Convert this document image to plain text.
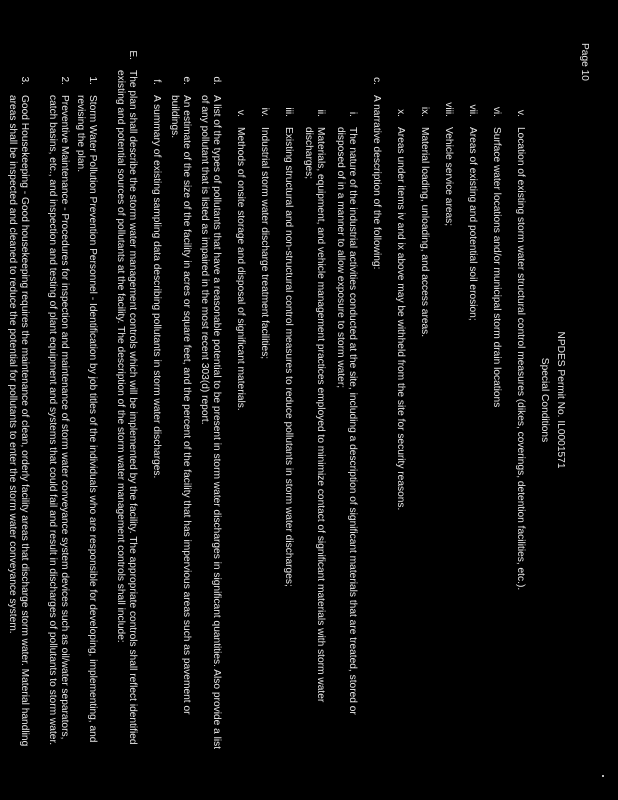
Page 10
NPDES Permit No. IL0001571
Special Conditions
v.
Location of existing storm water structural control measures (dikes, coverings, detention facilities, etc.).
vi.
Surface water locations and/or municipal storm drain locations
vii.
Areas of existing and potential soil erosion;
viii.
Vehicle service areas;
ix.
Material loading, unloading, and access areas.
x.
Areas under items iv and ix above may be withheld from the site for security reasons.
c.
A narrative description of the following:
i.
The nature of the industrial activities conducted at the site, including a description of significant materials that are treated, stored or disposed of in a manner to allow exposure to storm water;
ii.
Materials, equipment, and vehicle management practices employed to minimize contact of significant materials with storm water discharges;
iii.
Existing structural and non-structural control measures to reduce pollutants in storm water discharges;
iv.
Industrial storm water discharge treatment facilities;
v.
Methods of onsite storage and disposal of significant materials.
d.
A list of the types of pollutants that have a reasonable potential to be present in storm water discharges in significant quantities. Also provide a list of any pollutant that is listed as impaired in the most recent 303(d) report.
e.
An estimate of the size of the facility in acres or square feet, and the percent of the facility that has impervious areas such as pavement or buildings.
f.
A summary of existing sampling data describing pollutants in storm water discharges.
E.
The plan shall describe the storm water management controls which will be implemented by the facility. The appropriate controls shall reflect identified existing and potential sources of pollutants at the facility. The description of the storm water management controls shall include:
1.
Storm Water Pollution Prevention Personnel - Identification by job titles of the individuals who are responsible for developing, implementing, and revising the plan.
2.
Preventive Maintenance - Procedures for inspection and maintenance of storm water conveyance system devices such as oil/water separators, catch basins, etc., and inspection and testing of plant equipment and systems that could fail and result in discharges of pollutants to storm water.
3.
Good Housekeeping - Good housekeeping requires the maintenance of clean, orderly facility areas that discharge storm water. Material handling areas shall be inspected and cleaned to reduce the potential for pollutants to enter the storm water conveyance system.
